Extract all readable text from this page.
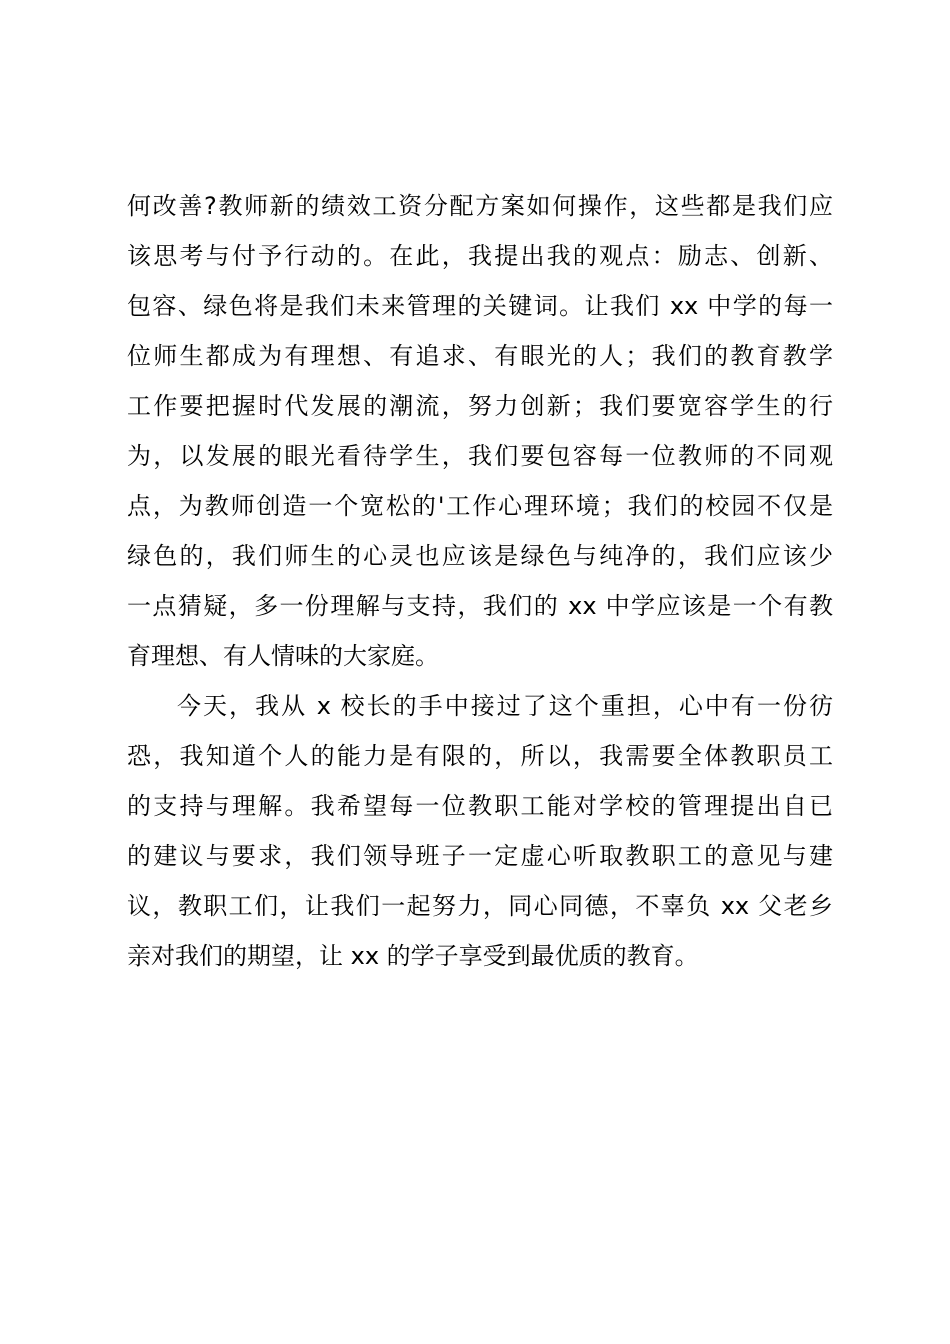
何改善?教师新的绩效工资分配方案如何操作，这些都是我们应
该思考与付予行动的。在此，我提出我的观点：励志、创新、
包容、绿色将是我们未来管理的关键词。让我们 xx 中学的每一
位师生都成为有理想、有追求、有眼光的人；我们的教育教学
工作要把握时代发展的潮流，努力创新；我们要宽容学生的行
为，以发展的眼光看待学生，我们要包容每一位教师的不同观
点，为教师创造一个宽松的'工作心理环境；我们的校园不仅是
绿色的，我们师生的心灵也应该是绿色与纯净的，我们应该少
一点猜疑，多一份理解与支持，我们的 xx 中学应该是一个有教
育理想、有人情味的大家庭。
今天，我从 x 校长的手中接过了这个重担，心中有一份彷
恐，我知道个人的能力是有限的，所以，我需要全体教职员工
的支持与理解。我希望每一位教职工能对学校的管理提出自已
的建议与要求，我们领导班子一定虚心听取教职工的意见与建
议，教职工们，让我们一起努力，同心同德，不辜负 xx 父老乡
亲对我们的期望，让 xx 的学子享受到最优质的教育。
